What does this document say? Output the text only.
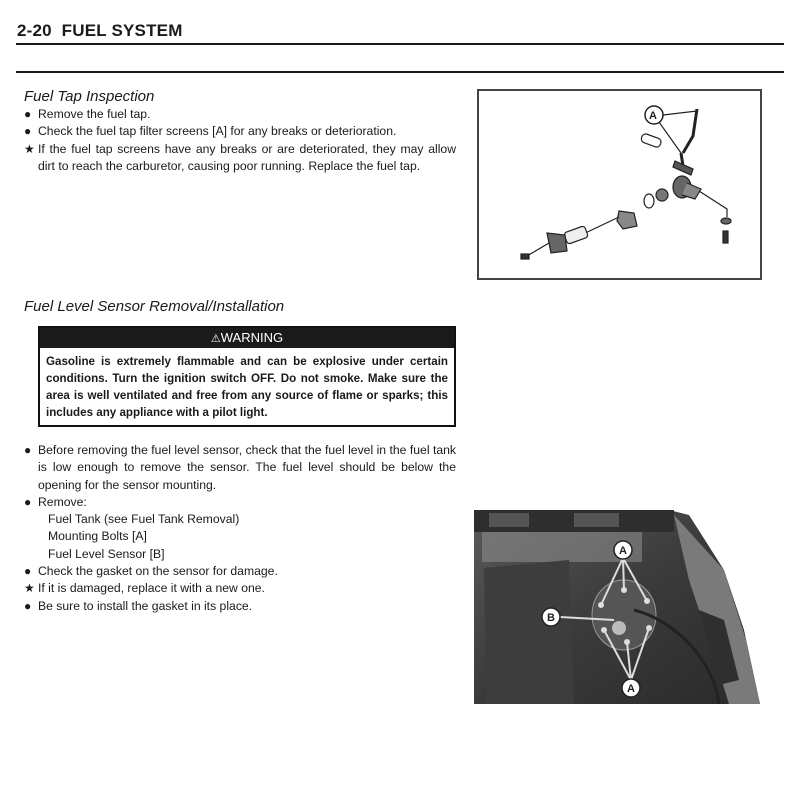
2-20  FUEL SYSTEM
Fuel Tap Inspection
● Remove the fuel tap.
● Check the fuel tap filter screens [A] for any breaks or deterioration.
★ If the fuel tap screens have any breaks or are deteriorated, they may allow dirt to reach the carburetor, causing poor running. Replace the fuel tap.
A
Fuel Level Sensor Removal/Installation
⚠WARNING
Gasoline is extremely flammable and can be explosive under certain conditions. Turn the ignition switch OFF. Do not smoke. Make sure the area is well ventilated and free from any source of flame or sparks; this includes any appliance with a pilot light.
● Before removing the fuel level sensor, check that the fuel level in the fuel tank is low enough to remove the sensor. The fuel level should be below the opening for the sensor mounting.
● Remove:
Fuel Tank (see Fuel Tank Removal)
Mounting Bolts [A]
Fuel Level Sensor [B]
● Check the gasket on the sensor for damage.
★ If it is damaged, replace it with a new one.
● Be sure to install the gasket in its place.
A
B
A
